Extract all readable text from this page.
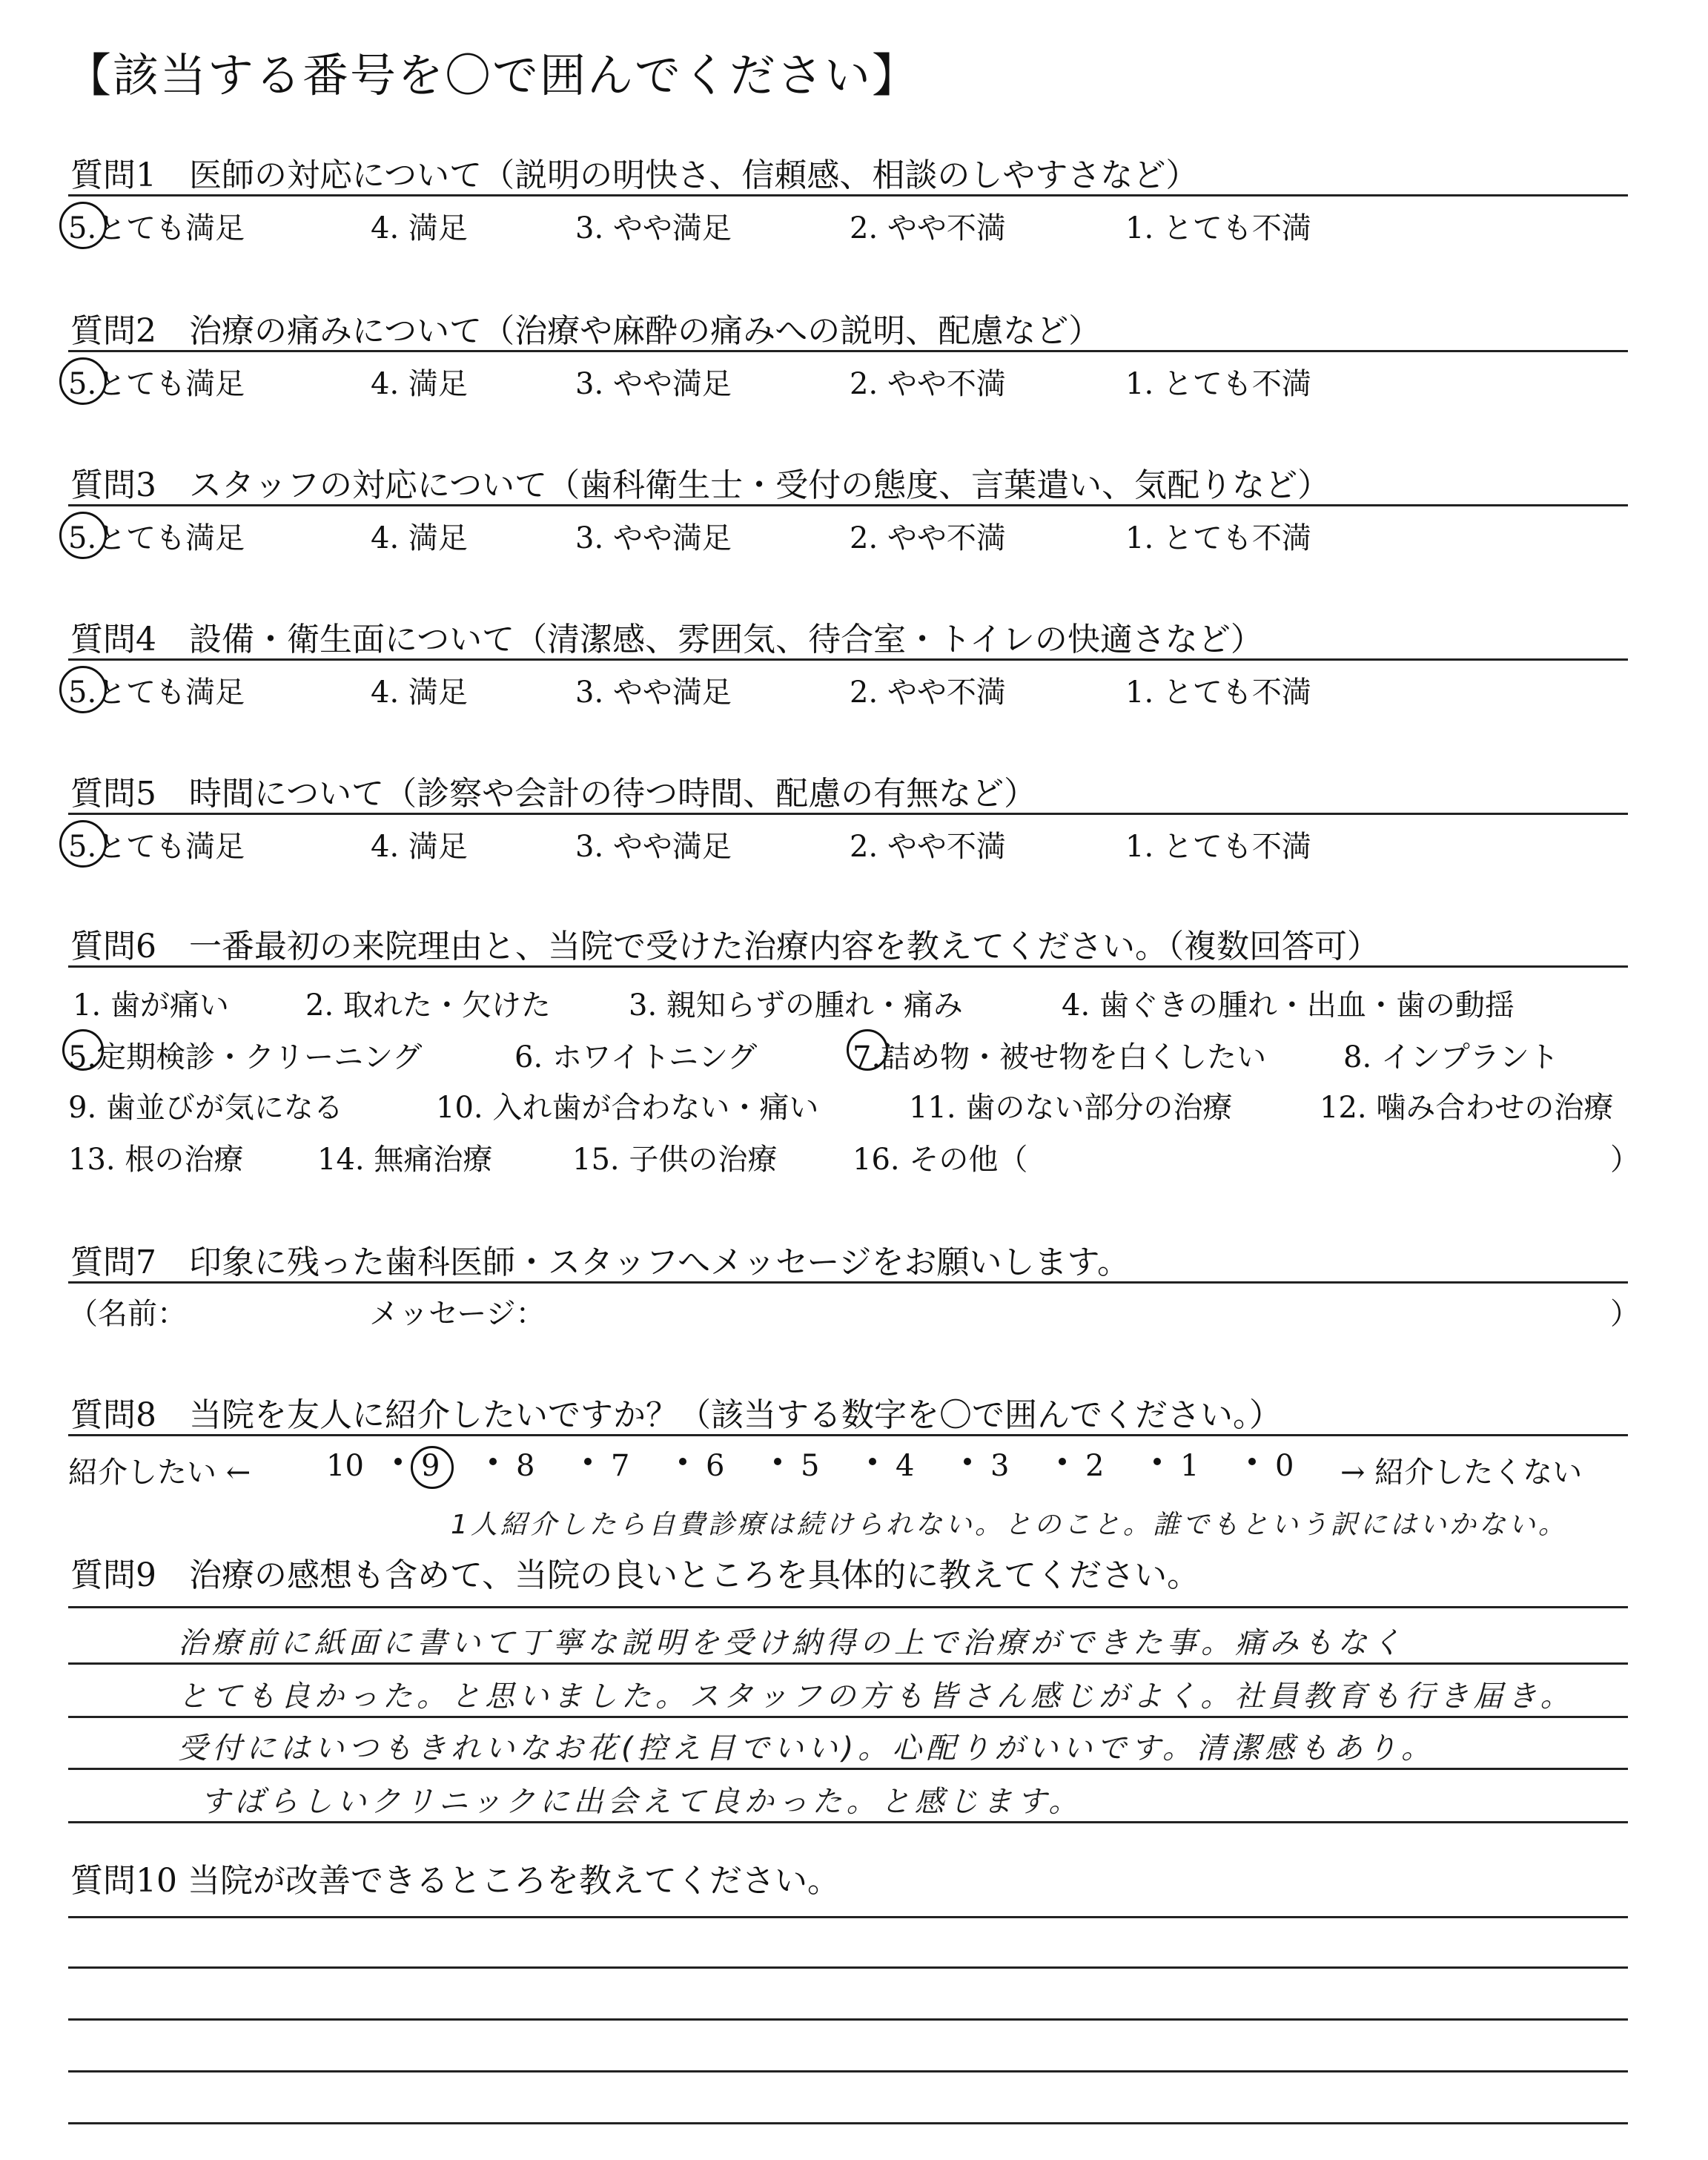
【該当する番号を〇で囲んでください】
質問1　医師の対応について（説明の明快さ、信頼感、相談のしやすさなど）
5.とても満足	4. 満足	3. やや満足	2. やや不満	1. とても不満
質問2　治療の痛みについて（治療や麻酔の痛みへの説明、配慮など）
5.とても満足	4. 満足	3. やや満足	2. やや不満	1. とても不満
質問3　スタッフの対応について（歯科衛生士・受付の態度、言葉遣い、気配りなど）
5.とても満足	4. 満足	3. やや満足	2. やや不満	1. とても不満
質問4　設備・衛生面について（清潔感、雰囲気、待合室・トイレの快適さなど）
5.とても満足	4. 満足	3. やや満足	2. やや不満	1. とても不満
質問5　時間について（診察や会計の待つ時間、配慮の有無など）
5.とても満足	4. 満足	3. やや満足	2. やや不満	1. とても不満
質問6　一番最初の来院理由と、当院で受けた治療内容を教えてください。（複数回答可）
1. 歯が痛い	2. 取れた・欠けた	3. 親知らずの腫れ・痛み	4. 歯ぐきの腫れ・出血・歯の動揺
5.定期検診・クリーニング	6. ホワイトニング	7.詰め物・被せ物を白くしたい	8. インプラント
9. 歯並びが気になる	10. 入れ歯が合わない・痛い	11. 歯のない部分の治療	12. 噛み合わせの治療
13. 根の治療 14. 無痛治療	15. 子供の治療	16. その他（	）
質問7　印象に残った歯科医師・スタッフへメッセージをお願いします。
（名前：	メッセージ：	）
質問8　当院を友人に紹介したいですか？（該当する数字を〇で囲んでください。）
紹介したい ←	10 9	8	7	6	5	4	3	2	1	0 → 紹介したくない
1人紹介したら自費診療は続けられない。とのこと。誰でもという訳にはいかない。
質問9　治療の感想も含めて、当院の良いところを具体的に教えてください。
治療前に紙面に書いて丁寧な説明を受け納得の上で治療ができた事。痛みもなく
とても良かった。と思いました。スタッフの方も皆さん感じがよく。社員教育も行き届き。
受付にはいつもきれいなお花(控え目でいい)。心配りがいいです。清潔感もあり。
すばらしいクリニックに出会えて良かった。と感じます。
質問10 当院が改善できるところを教えてください。
